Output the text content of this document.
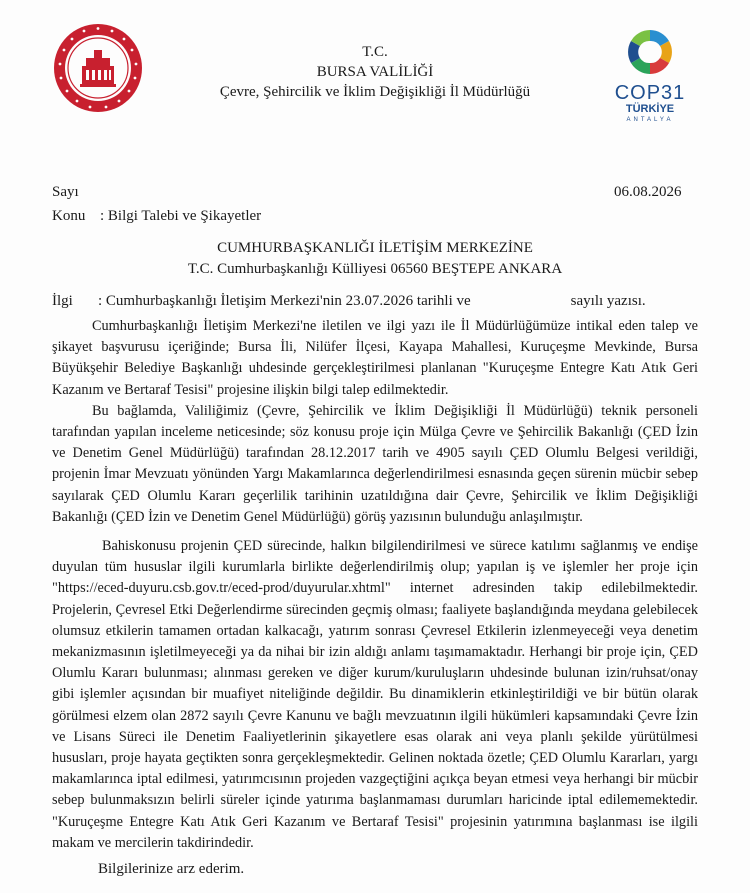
T.C.
BURSA VALİLİĞİ
Çevre, Şehircilik ve İklim Değişikliği İl Müdürlüğü	COP31
TÜRKİYE
ANTALYA
Sayı	06.08.2026
Konu : Bilgi Talebi ve Şikayetler
CUMHURBAŞKANLIĞI İLETİŞİM MERKEZİNE
T.C. Cumhurbaşkanlığı Külliyesi 06560 BEŞTEPE ANKARA
İlgi : Cumhurbaşkanlığı İletişim Merkezi'nin 23.07.2026 tarihli ve	sayılı yazısı.

Cumhurbaşkanlığı İletişim Merkezi'ne iletilen ve ilgi yazı ile İl Müdürlüğümüze intikal eden talep ve şikayet başvurusu içeriğinde; Bursa İli, Nilüfer İlçesi, Kayapa Mahallesi, Kuruçeşme Mevkinde, Bursa Büyükşehir Belediye Başkanlığı uhdesinde gerçekleştirilmesi planlanan "Kuruçeşme Entegre Katı Atık Geri Kazanım ve Bertaraf Tesisi" projesine ilişkin bilgi talep edilmektedir.

Bu bağlamda, Valiliğimiz (Çevre, Şehircilik ve İklim Değişikliği İl Müdürlüğü) teknik personeli tarafından yapılan inceleme neticesinde; söz konusu proje için Mülga Çevre ve Şehircilik Bakanlığı (ÇED İzin ve Denetim Genel Müdürlüğü) tarafından 28.12.2017 tarih ve 4905 sayılı ÇED Olumlu Belgesi verildiği, projenin İmar Mevzuatı yönünden Yargı Makamlarınca değerlendirilmesi esnasında geçen sürenin mücbir sebep sayılarak ÇED Olumlu Kararı geçerlilik tarihinin uzatıldığına dair Çevre, Şehircilik ve İklim Değişikliği Bakanlığı (ÇED İzin ve Denetim Genel Müdürlüğü) görüş yazısının bulunduğu anlaşılmıştır.

Bahiskonusu projenin ÇED sürecinde, halkın bilgilendirilmesi ve sürece katılımı sağlanmış ve endişe duyulan tüm hususlar ilgili kurumlarla birlikte değerlendirilmiş olup; yapılan iş ve işlemler her proje için "https://eced-duyuru.csb.gov.tr/eced-prod/duyurular.xhtml" internet adresinden takip edilebilmektedir. Projelerin, Çevresel Etki Değerlendirme sürecinden geçmiş olması; faaliyete başlandığında meydana gelebilecek olumsuz etkilerin tamamen ortadan kalkacağı, yatırım sonrası Çevresel Etkilerin izlenmeyeceği veya denetim mekanizmasının işletilmeyeceği ya da nihai bir izin aldığı anlamı taşımamaktadır. Herhangi bir proje için, ÇED Olumlu Kararı bulunması; alınması gereken ve diğer kurum/kuruluşların uhdesinde bulunan izin/ruhsat/onay gibi işlemler açısından bir muafiyet niteliğinde değildir. Bu dinamiklerin etkinleştirildiği ve bir bütün olarak görülmesi elzem olan 2872 sayılı Çevre Kanunu ve bağlı mevzuatının ilgili hükümleri kapsamındaki Çevre İzin ve Lisans Süreci ile Denetim Faaliyetlerinin şikayetlere esas olarak ani veya planlı şekilde yürütülmesi hususları, proje hayata geçtikten sonra gerçekleşmektedir. Gelinen noktada özetle; ÇED Olumlu Kararları, yargı makamlarınca iptal edilmesi, yatırımcısının projeden vazgeçtiğini açıkça beyan etmesi veya herhangi bir mücbir sebep bulunmaksızın belirli süreler içinde yatırıma başlanmaması durumları haricinde iptal edilememektedir. "Kuruçeşme Entegre Katı Atık Geri Kazanım ve Bertaraf Tesisi" projesinin yatırımına başlanması ise ilgili makam ve mercilerin takdirindedir.

Bilgilerinize arz ederim.
